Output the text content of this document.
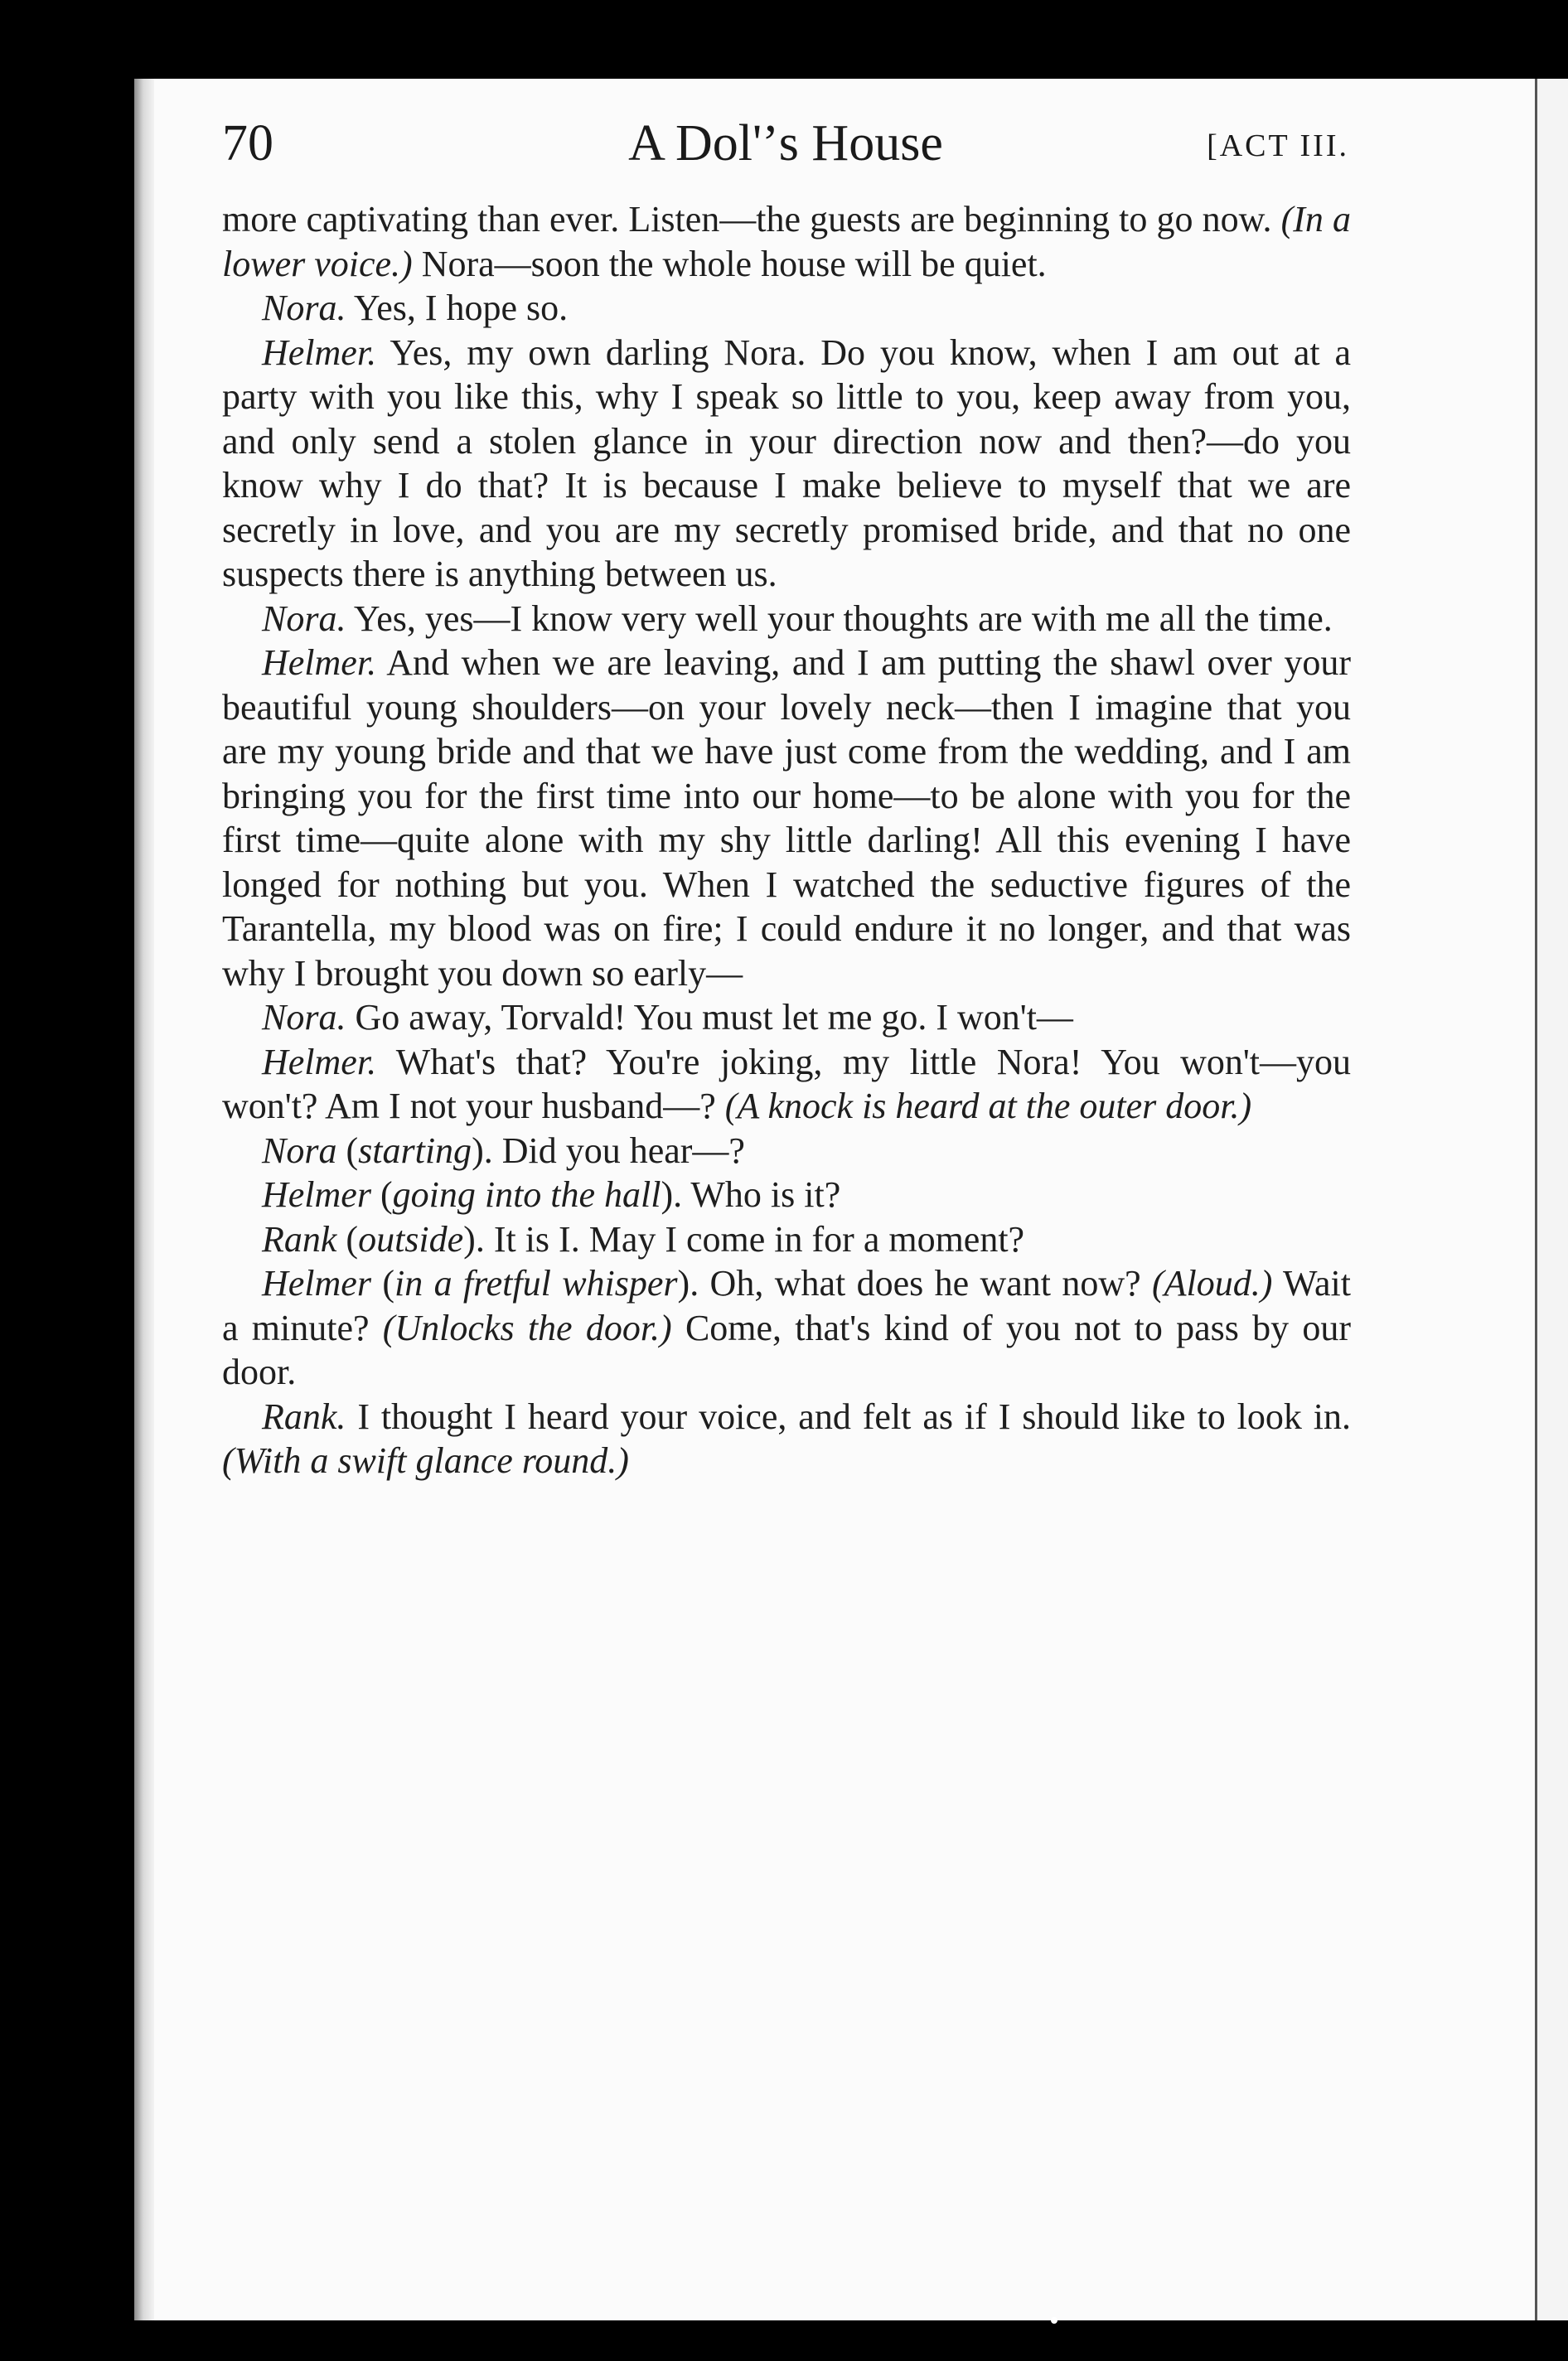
70	A Dol'ʼs House	[ACT III.

more captivating than ever. Listen—the guests are beginning to go now. (In a lower voice.) Nora—soon the whole house will be quiet.

Nora. Yes, I hope so.

Helmer. Yes, my own darling Nora. Do you know, when I am out at a party with you like this, why I speak so little to you, keep away from you, and only send a stolen glance in your direction now and then?—do you know why I do that? It is because I make believe to myself that we are secretly in love, and you are my secretly promised bride, and that no one suspects there is anything between us.

Nora. Yes, yes—I know very well your thoughts are with me all the time.

Helmer. And when we are leaving, and I am putting the shawl over your beautiful young shoulders—on your lovely neck—then I imagine that you are my young bride and that we have just come from the wedding, and I am bringing you for the first time into our home—to be alone with you for the first time—quite alone with my shy little darling! All this evening I have longed for nothing but you. When I watched the seductive figures of the Tarantella, my blood was on fire; I could endure it no longer, and that was why I brought you down so early—

Nora. Go away, Torvald! You must let me go. I won't—

Helmer. What's that? You're joking, my little Nora! You won't—you won't? Am I not your husband—? (A knock is heard at the outer door.)

Nora (starting). Did you hear—?

Helmer (going into the hall). Who is it?

Rank (outside). It is I. May I come in for a moment?

Helmer (in a fretful whisper). Oh, what does he want now? (Aloud.) Wait a minute? (Unlocks the door.) Come, that's kind of you not to pass by our door.

Rank. I thought I heard your voice, and felt as if I should like to look in. (With a swift glance round.)
